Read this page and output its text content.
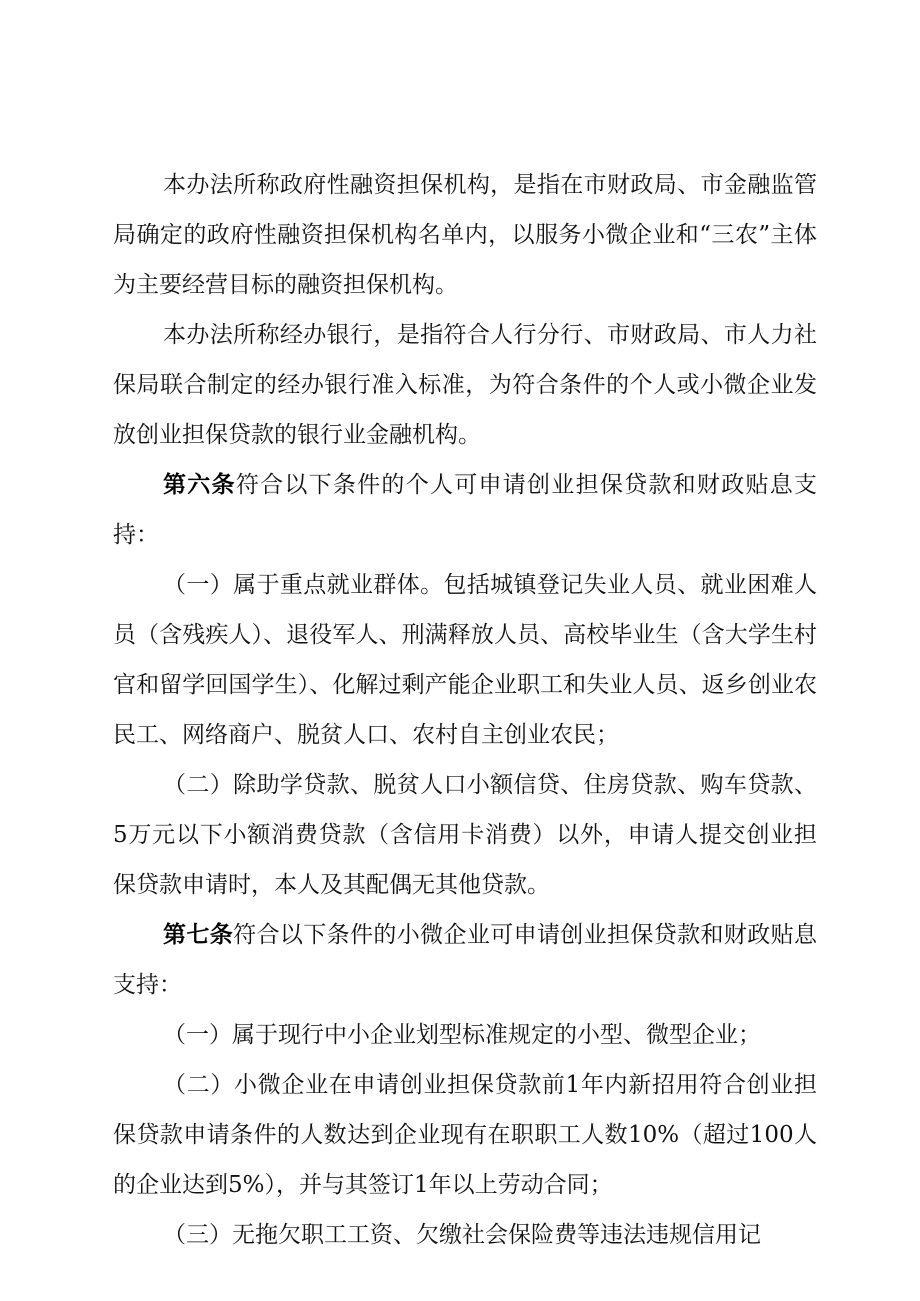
本办法所称政府性融资担保机构，是指在市财政局、市金融监管局确定的政府性融资担保机构名单内，以服务小微企业和“三农”主体为主要经营目标的融资担保机构。

本办法所称经办银行，是指符合人行分行、市财政局、市人力社保局联合制定的经办银行准入标准，为符合条件的个人或小微企业发放创业担保贷款的银行业金融机构。

第六条符合以下条件的个人可申请创业担保贷款和财政贴息支持：

（一）属于重点就业群体。包括城镇登记失业人员、就业困难人员（含残疾人）、退役军人、刑满释放人员、高校毕业生（含大学生村官和留学回国学生）、化解过剩产能企业职工和失业人员、返乡创业农民工、网络商户、脱贫人口、农村自主创业农民；

（二）除助学贷款、脱贫人口小额信贷、住房贷款、购车贷款、5万元以下小额消费贷款（含信用卡消费）以外，申请人提交创业担保贷款申请时，本人及其配偶无其他贷款。

第七条符合以下条件的小微企业可申请创业担保贷款和财政贴息支持：

（一）属于现行中小企业划型标准规定的小型、微型企业；

（二）小微企业在申请创业担保贷款前1年内新招用符合创业担保贷款申请条件的人数达到企业现有在职职工人数10%（超过100人的企业达到5%），并与其签订1年以上劳动合同；

（三）无拖欠职工工资、欠缴社会保险费等违法违规信用记
